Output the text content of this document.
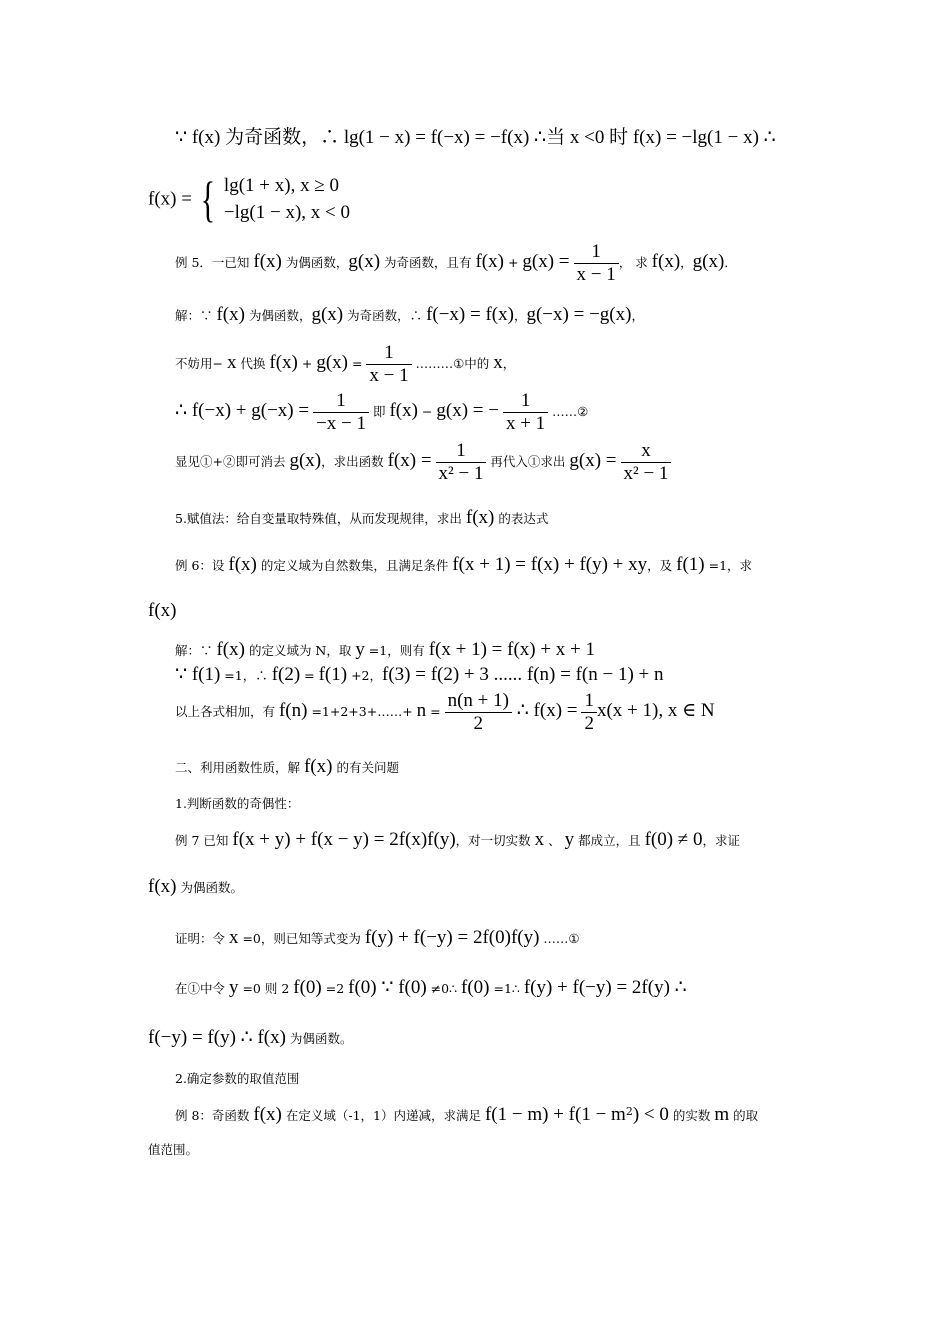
∵ f(x) 为奇函数，∴ lg(1 − x) = f(−x) = −f(x) ∴当 x <0 时 f(x) = −lg(1 − x) ∴
f(x) = { lg(1 + x), x ≥ 0
−lg(1 − x), x < 0
例 5．一已知 f(x) 为偶函数，g(x) 为奇函数，且有 $f(x) + g(x) = \frac{1}{x - 1}$ ， 求 f(x)，g(x)．
解：∵ f(x) 为偶函数，g(x) 为奇函数，∴ f(−x) = f(x)，g(−x) = −g(x)，
不妨用− x 代换 $f(x) + g(x) = \frac{1}{x - 1}$ ………①中的 x，
∴ $f(-x) + g(-x) = \frac{1}{-x - 1}$ 即 f(x) − g(x) = − $\frac{1}{x + 1}$ ……②
显见①+②即可消去 g(x)，求出函数 $f(x) = \frac{1}{\text{x² − 1}}$ 再代入①求出 $g(x) = \frac{x}{\text{x² − 1}}$
5.赋值法：给自变量取特殊值，从而发现规律，求出 f(x) 的表达式
例 6：设 f(x) 的定义域为自然数集，且满足条件 f(x + 1) = f(x) + f(y) + xy，及 f(1) =1，求
f(x)
解：∵ f(x) 的定义域为 N，取 y =1，则有 f(x + 1) = f(x) + x + 1
∵ f(1) =1，∴ f(2) = f(1) +2，f(3) = f(2) + 3 ...... f(n) = f(n − 1) + n
以上各式相加，有 f(n) =1+2+3+……+ $n = \frac{n(n + 1)}{2}$ ∴ $f(x) = \frac{1}{2} x(x + 1)$, x ∈ N
二、利用函数性质，解 f(x) 的有关问题
1.判断函数的奇偶性：
例 7 已知 f(x + y) + f(x − y) = 2f(x)f(y)，对一切实数 x 、 y 都成立，且 f(0) ≠ 0，求证
f(x) 为偶函数。
证明：令 x =0，则已知等式变为 f(y) + f(−y) = 2f(0)f(y) ……①
在①中令 y =0 则 2 f(0) =2 f(0) ∵ f(0) ≠0∴ f(0) =1∴ f(y) + f(−y) = 2f(y) ∴
f(−y) = f(y) ∴ f(x) 为偶函数。
2.确定参数的取值范围
例 8：奇函数 f(x) 在定义域（-1，1）内递减，求满足 $f(1 - m) + f(1 - m^2) < 0$ 的实数 m 的取
值范围。
